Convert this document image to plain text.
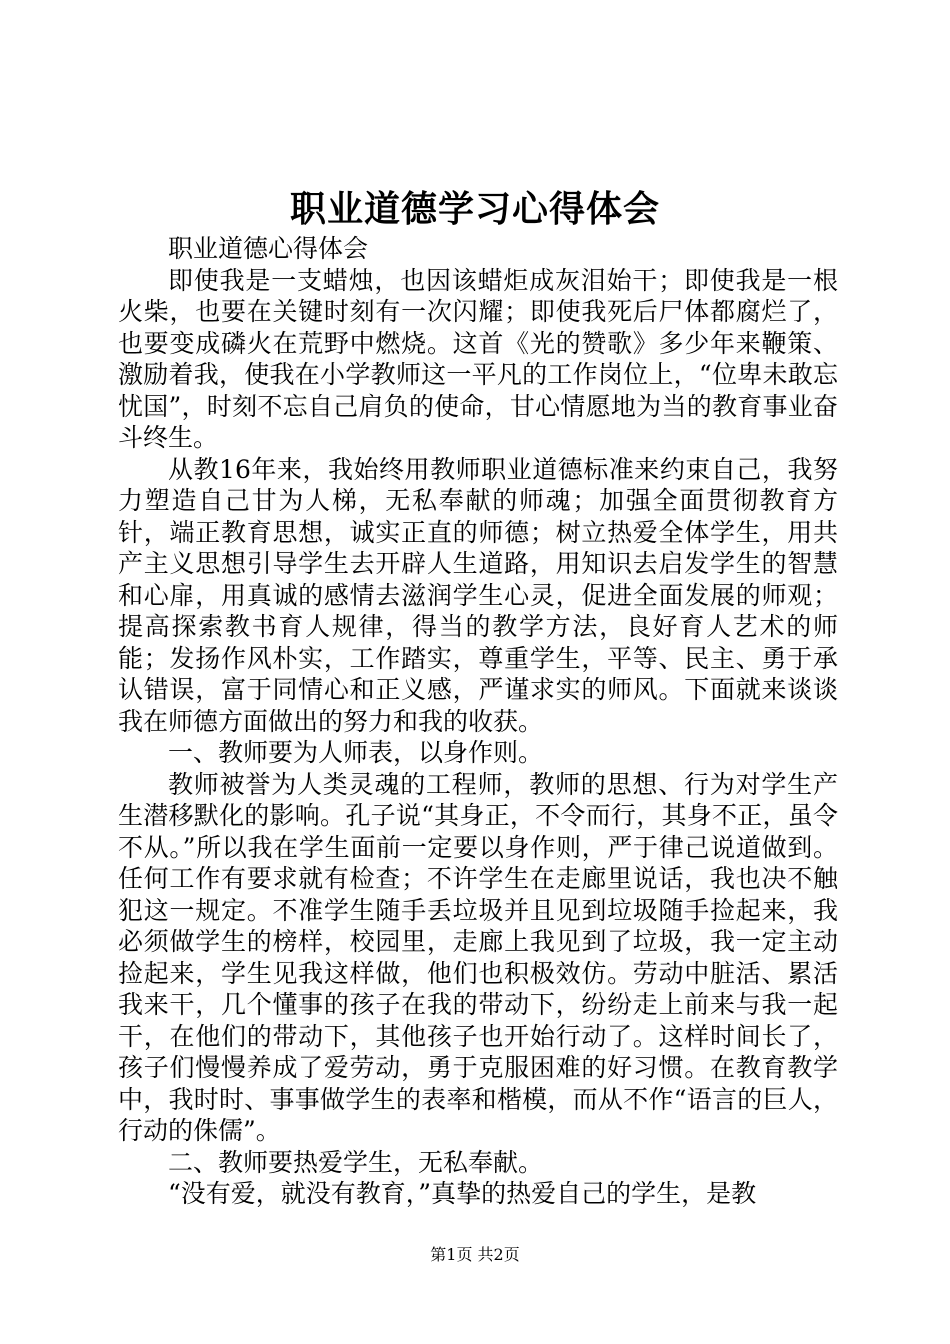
职业道德学习心得体会

职业道德心得体会

即使我是一支蜡烛，也因该蜡炬成灰泪始干；即使我是一根火柴，也要在关键时刻有一次闪耀；即使我死后尸体都腐烂了，也要变成磷火在荒野中燃烧。这首《光的赞歌》多少年来鞭策、激励着我，使我在小学教师这一平凡的工作岗位上，“位卑未敢忘忧国”，时刻不忘自己肩负的使命，甘心情愿地为当的教育事业奋斗终生。

从教16年来，我始终用教师职业道德标准来约束自己，我努力塑造自己甘为人梯，无私奉献的师魂；加强全面贯彻教育方针，端正教育思想，诚实正直的师德；树立热爱全体学生，用共产主义思想引导学生去开辟人生道路，用知识去启发学生的智慧和心扉，用真诚的感情去滋润学生心灵，促进全面发展的师观；提高探索教书育人规律，得当的教学方法，良好育人艺术的师能；发扬作风朴实，工作踏实，尊重学生，平等、民主、勇于承认错误，富于同情心和正义感，严谨求实的师风。下面就来谈谈我在师德方面做出的努力和我的收获。

一、教师要为人师表，以身作则。

教师被誉为人类灵魂的工程师，教师的思想、行为对学生产生潜移默化的影响。孔子说“其身正，不令而行，其身不正，虽令不从。”所以我在学生面前一定要以身作则，严于律己说道做到。任何工作有要求就有检查；不许学生在走廊里说话，我也决不触犯这一规定。不准学生随手丢垃圾并且见到垃圾随手捡起来，我必须做学生的榜样，校园里，走廊上我见到了垃圾，我一定主动捡起来，学生见我这样做，他们也积极效仿。劳动中脏活、累活我来干，几个懂事的孩子在我的带动下，纷纷走上前来与我一起干，在他们的带动下，其他孩子也开始行动了。这样时间长了，孩子们慢慢养成了爱劳动，勇于克服困难的好习惯。在教育教学中，我时时、事事做学生的表率和楷模，而从不作“语言的巨人，行动的侏儒”。

二、教师要热爱学生，无私奉献。

“没有爱，就没有教育，”真挚的热爱自己的学生，是教

第1页 共2页
